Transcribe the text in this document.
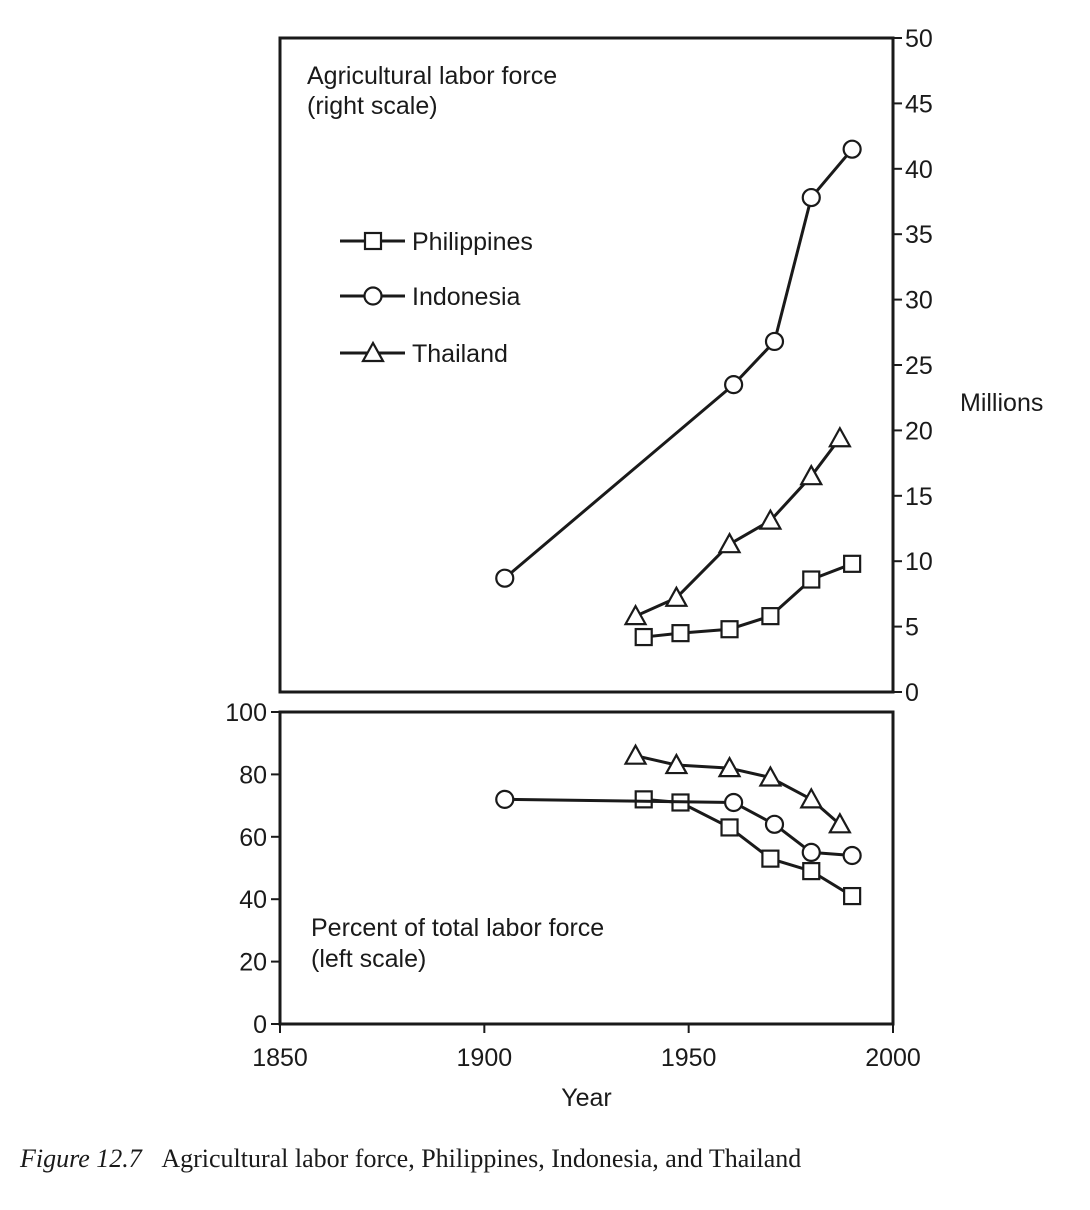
0
5
10
15
20
25
30
35
40
45
50
Millions
0
20
40
60
80
100
1850	1900	1950	2000
Year
Agricultural labor force
(right scale)
Percent of total labor force
(left scale)
Philippines
Indonesia
Thailand
Figure 12.7 Agricultural labor force, Philippines, Indonesia, and Thailand
